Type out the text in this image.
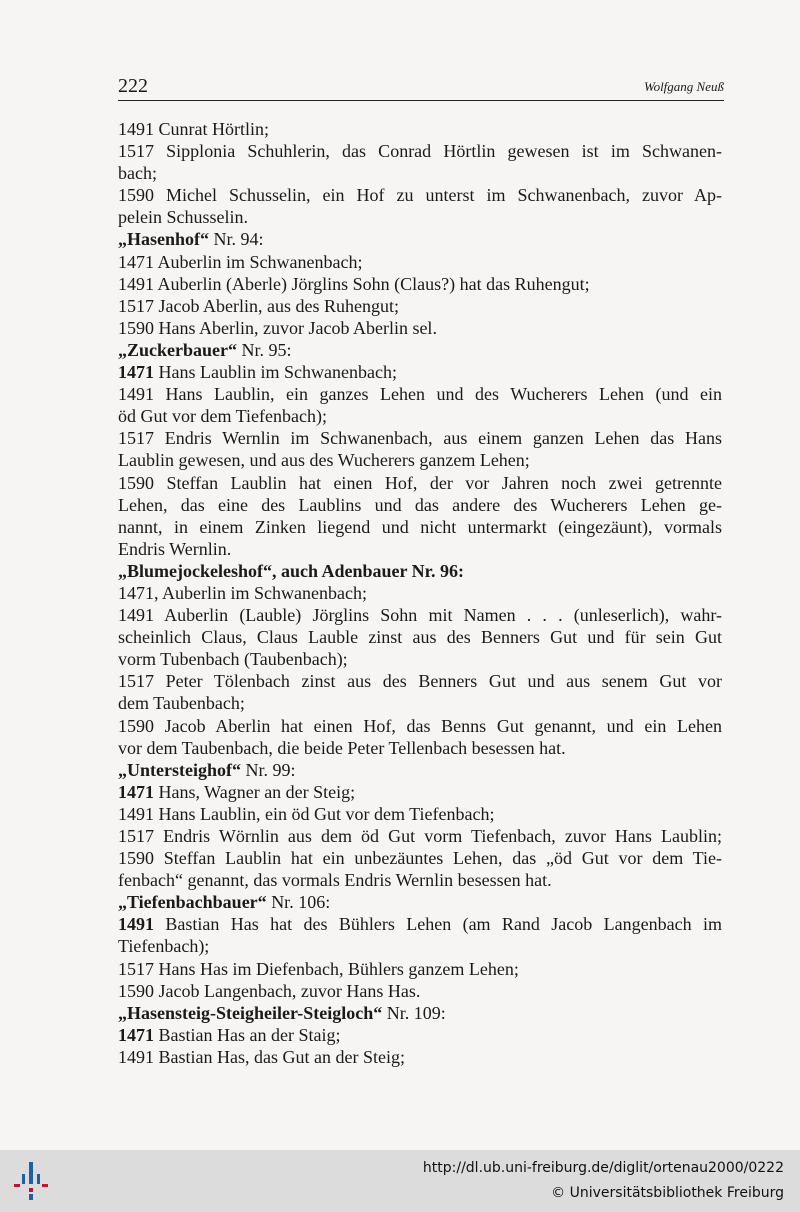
222	Wolfgang Neuß
1491 Cunrat Hörtlin;
1517 Sipplonia Schuhlerin, das Conrad Hörtlin gewesen ist im Schwanen-
bach;
1590 Michel Schusselin, ein Hof zu unterst im Schwanenbach, zuvor Ap-
pelein Schusselin.
„Hasenhof“ Nr. 94:
1471 Auberlin im Schwanenbach;
1491 Auberlin (Aberle) Jörglins Sohn (Claus?) hat das Ruhengut;
1517 Jacob Aberlin, aus des Ruhengut;
1590 Hans Aberlin, zuvor Jacob Aberlin sel.
„Zuckerbauer“ Nr. 95:
1471 Hans Laublin im Schwanenbach;
1491 Hans Laublin, ein ganzes Lehen und des Wucherers Lehen (und ein
öd Gut vor dem Tiefenbach);
1517 Endris Wernlin im Schwanenbach, aus einem ganzen Lehen das Hans
Laublin gewesen, und aus des Wucherers ganzem Lehen;
1590 Steffan Laublin hat einen Hof, der vor Jahren noch zwei getrennte
Lehen, das eine des Laublins und das andere des Wucherers Lehen ge-
nannt, in einem Zinken liegend und nicht untermarkt (eingezäunt), vormals
Endris Wernlin.
„Blumejockeleshof“, auch Adenbauer Nr. 96:
1471, Auberlin im Schwanenbach;
1491 Auberlin (Lauble) Jörglins Sohn mit Namen . . . (unleserlich), wahr-
scheinlich Claus, Claus Lauble zinst aus des Benners Gut und für sein Gut
vorm Tubenbach (Taubenbach);
1517 Peter Tölenbach zinst aus des Benners Gut und aus senem Gut vor
dem Taubenbach;
1590 Jacob Aberlin hat einen Hof, das Benns Gut genannt, und ein Lehen
vor dem Taubenbach, die beide Peter Tellenbach besessen hat.
„Untersteighof“ Nr. 99:
1471 Hans, Wagner an der Steig;
1491 Hans Laublin, ein öd Gut vor dem Tiefenbach;
1517 Endris Wörnlin aus dem öd Gut vorm Tiefenbach, zuvor Hans Laublin;
1590 Steffan Laublin hat ein unbezäuntes Lehen, das „öd Gut vor dem Tie-
fenbach“ genannt, das vormals Endris Wernlin besessen hat.
„Tiefenbachbauer“ Nr. 106:
1491 Bastian Has hat des Bühlers Lehen (am Rand Jacob Langenbach im
Tiefenbach);
1517 Hans Has im Diefenbach, Bühlers ganzem Lehen;
1590 Jacob Langenbach, zuvor Hans Has.
„Hasensteig-Steigheiler-Steigloch“ Nr. 109:
1471 Bastian Has an der Staig;
1491 Bastian Has, das Gut an der Steig;
http://dl.ub.uni-freiburg.de/diglit/ortenau2000/0222
© Universitätsbibliothek Freiburg
